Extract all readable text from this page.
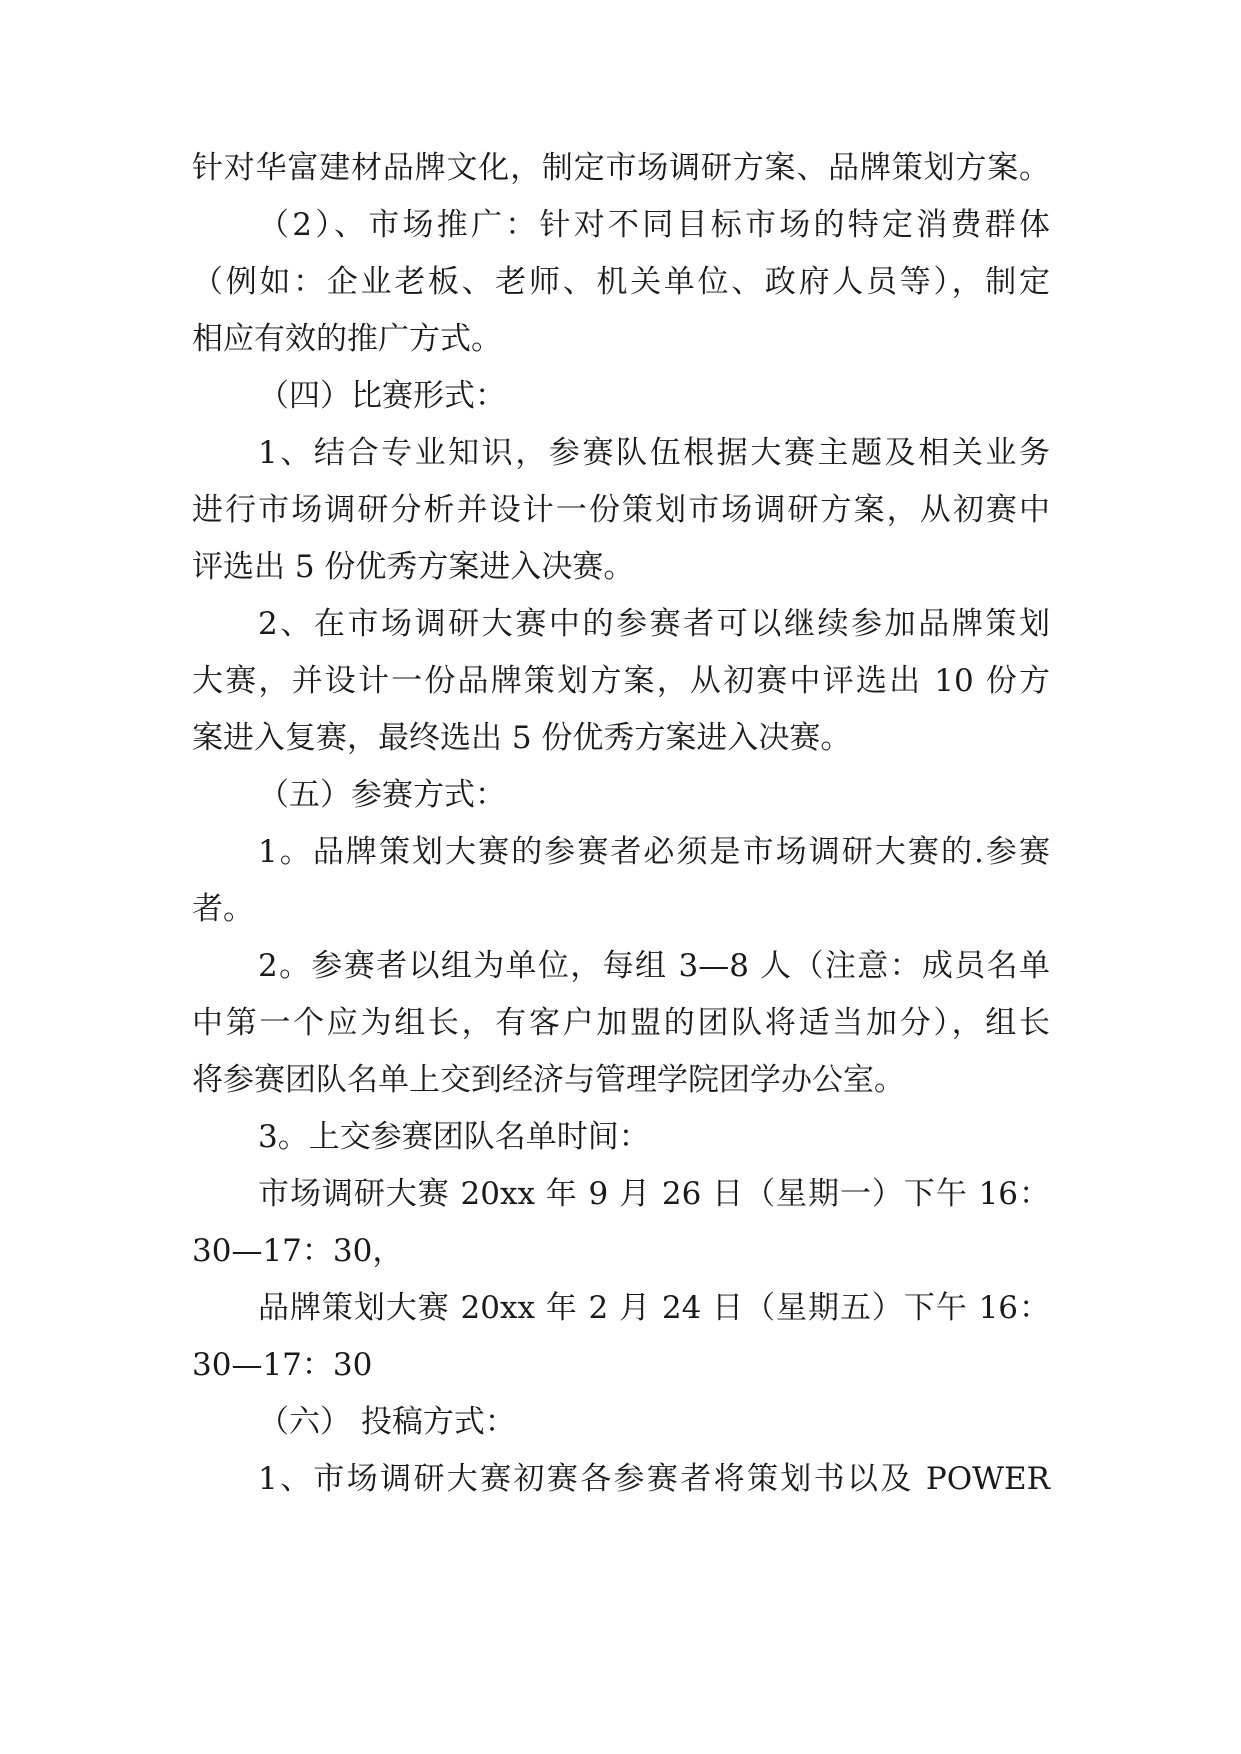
针对华富建材品牌文化，制定市场调研方案、品牌策划方案。
（2）、市场推广：针对不同目标市场的特定消费群体
（例如：企业老板、老师、机关单位、政府人员等），制定
相应有效的推广方式。
（四）比赛形式：
1、结合专业知识，参赛队伍根据大赛主题及相关业务
进行市场调研分析并设计一份策划市场调研方案，从初赛中
评选出 5 份优秀方案进入决赛。
2、在市场调研大赛中的参赛者可以继续参加品牌策划
大赛，并设计一份品牌策划方案，从初赛中评选出 10 份方
案进入复赛，最终选出 5 份优秀方案进入决赛。
（五）参赛方式：
1。品牌策划大赛的参赛者必须是市场调研大赛的.参赛
者。
2。参赛者以组为单位，每组 3—8 人（注意：成员名单
中第一个应为组长，有客户加盟的团队将适当加分），组长
将参赛团队名单上交到经济与管理学院团学办公室。
3。上交参赛团队名单时间：
市场调研大赛 20xx 年 9 月 26 日（星期一）下午 16：
30—17：30，
品牌策划大赛 20xx 年 2 月 24 日（星期五）下午 16：
30—17：30
（六） 投稿方式：
1、市场调研大赛初赛各参赛者将策划书以及 POWER
